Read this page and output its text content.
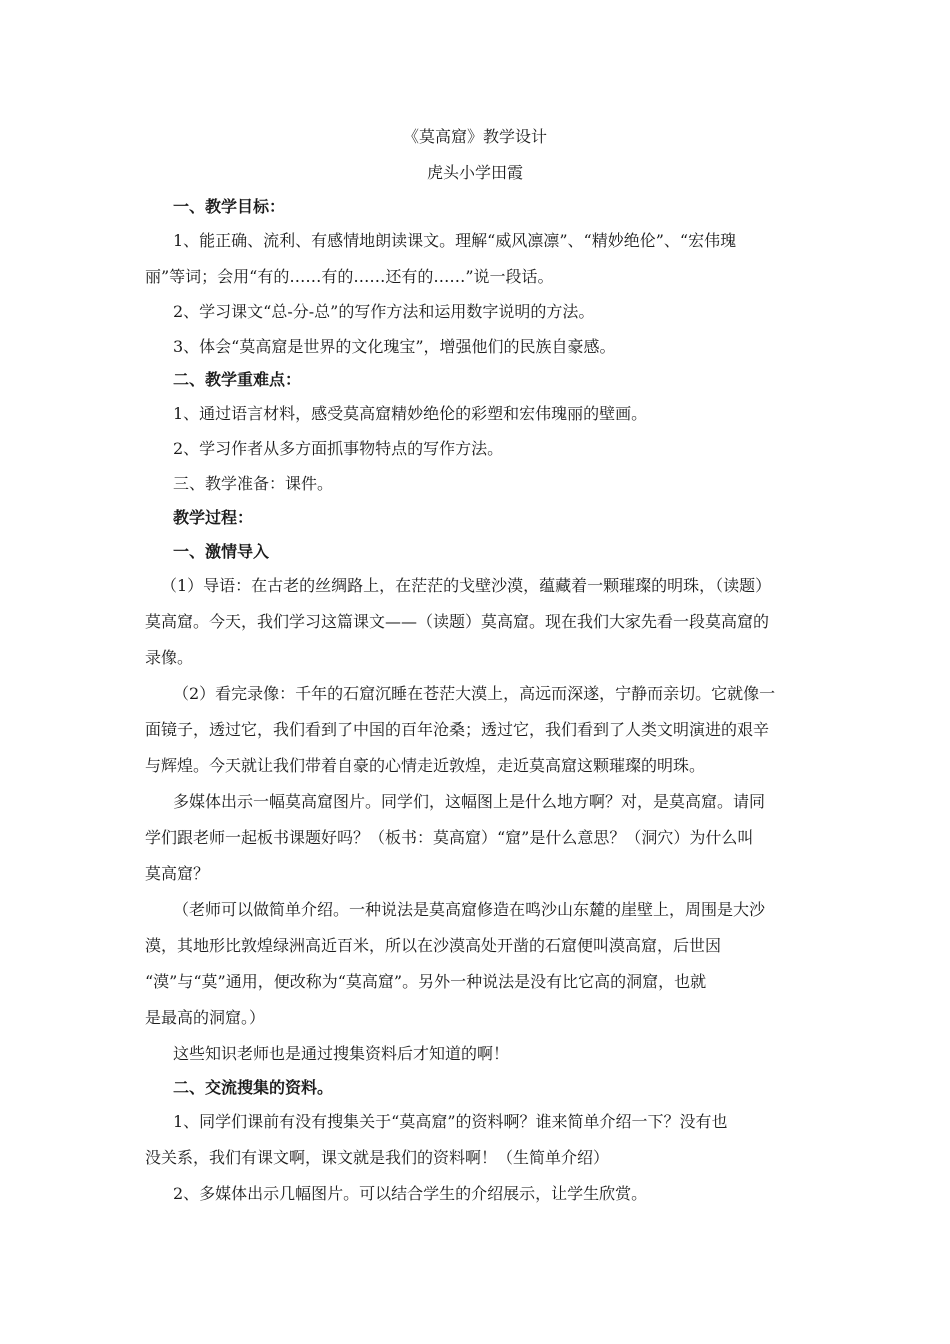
《莫高窟》教学设计
虎头小学田霞
一、教学目标：
1、能正确、流利、有感情地朗读课文。理解“威风凛凛”、“精妙绝伦”、“宏伟瑰
丽”等词；会用“有的……有的……还有的……”说一段话。
2、学习课文“总-分-总”的写作方法和运用数字说明的方法。
3、体会“莫高窟是世界的文化瑰宝”，增强他们的民族自豪感。
二、教学重难点：
1、通过语言材料，感受莫高窟精妙绝伦的彩塑和宏伟瑰丽的壁画。
2、学习作者从多方面抓事物特点的写作方法。
三、教学准备：课件。
教学过程：
一、激情导入
（1）导语：在古老的丝绸路上，在茫茫的戈壁沙漠，蕴藏着一颗璀璨的明珠，（读题）
莫高窟。今天，我们学习这篇课文——（读题）莫高窟。现在我们大家先看一段莫高窟的
录像。
（2）看完录像：千年的石窟沉睡在苍茫大漠上，高远而深遂，宁静而亲切。它就像一
面镜子，透过它，我们看到了中国的百年沧桑；透过它，我们看到了人类文明演进的艰辛
与辉煌。今天就让我们带着自豪的心情走近敦煌，走近莫高窟这颗璀璨的明珠。
多媒体出示一幅莫高窟图片。同学们，这幅图上是什么地方啊？对，是莫高窟。请同
学们跟老师一起板书课题好吗？（板书：莫高窟）“窟”是什么意思？（洞穴）为什么叫
莫高窟？
（老师可以做简单介绍。一种说法是莫高窟修造在鸣沙山东麓的崖壁上，周围是大沙
漠，其地形比敦煌绿洲高近百米，所以在沙漠高处开凿的石窟便叫漠高窟，后世因
“漠”与“莫”通用，便改称为“莫高窟”。另外一种说法是没有比它高的洞窟，也就
是最高的洞窟。）
这些知识老师也是通过搜集资料后才知道的啊！
二、交流搜集的资料。
1、同学们课前有没有搜集关于“莫高窟”的资料啊？谁来简单介绍一下？没有也
没关系，我们有课文啊，课文就是我们的资料啊！（生简单介绍）
2、多媒体出示几幅图片。可以结合学生的介绍展示，让学生欣赏。
